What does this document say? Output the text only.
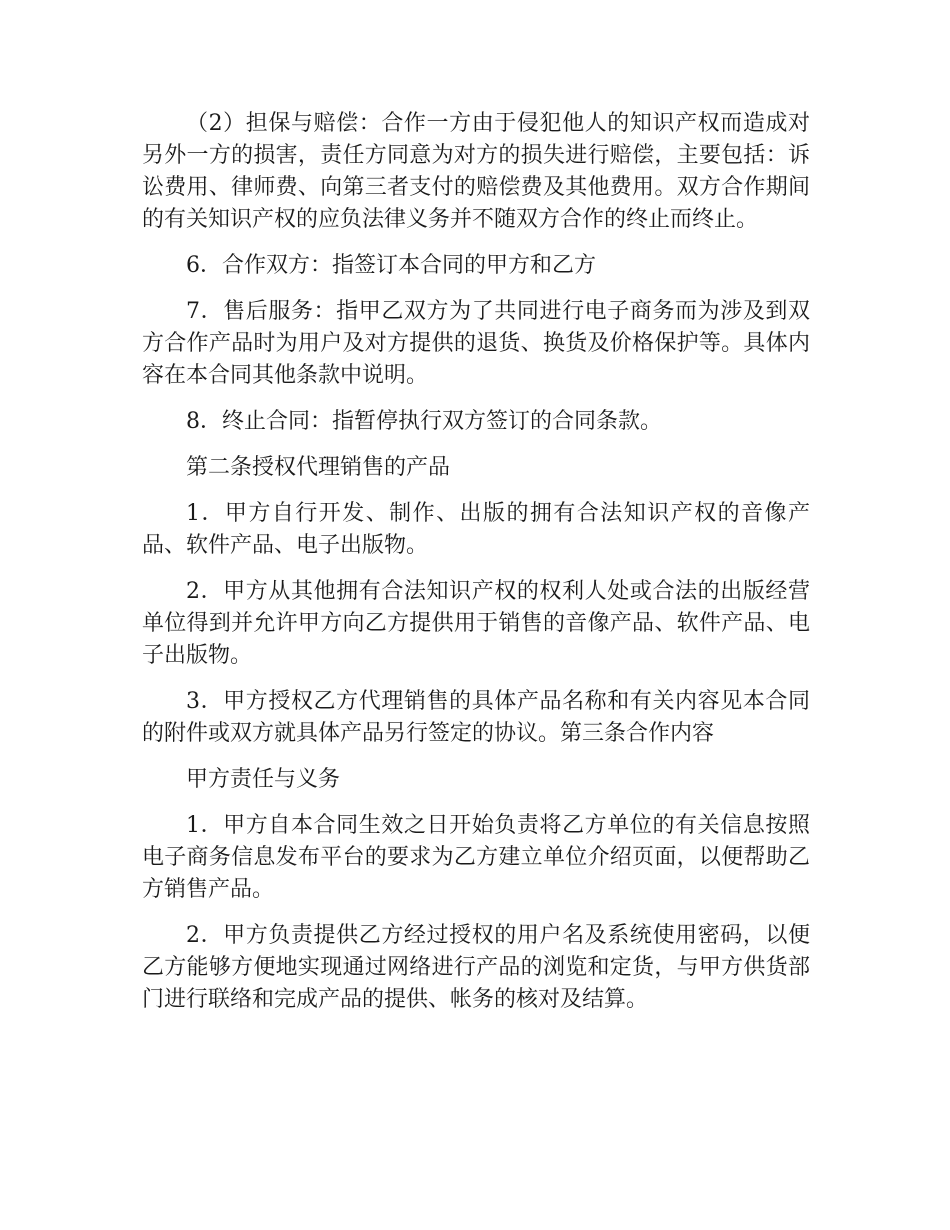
（2）担保与赔偿：合作一方由于侵犯他人的知识产权而造成对另外一方的损害，责任方同意为对方的损失进行赔偿，主要包括：诉讼费用、律师费、向第三者支付的赔偿费及其他费用。双方合作期间的有关知识产权的应负法律义务并不随双方合作的终止而终止。

6．合作双方：指签订本合同的甲方和乙方

7．售后服务：指甲乙双方为了共同进行电子商务而为涉及到双方合作产品时为用户及对方提供的退货、换货及价格保护等。具体内容在本合同其他条款中说明。

8．终止合同：指暂停执行双方签订的合同条款。

第二条授权代理销售的产品

1．甲方自行开发、制作、出版的拥有合法知识产权的音像产品、软件产品、电子出版物。

2．甲方从其他拥有合法知识产权的权利人处或合法的出版经营单位得到并允许甲方向乙方提供用于销售的音像产品、软件产品、电子出版物。

3．甲方授权乙方代理销售的具体产品名称和有关内容见本合同的附件或双方就具体产品另行签定的协议。第三条合作内容

甲方责任与义务

1．甲方自本合同生效之日开始负责将乙方单位的有关信息按照电子商务信息发布平台的要求为乙方建立单位介绍页面，以便帮助乙方销售产品。

2．甲方负责提供乙方经过授权的用户名及系统使用密码，以便乙方能够方便地实现通过网络进行产品的浏览和定货，与甲方供货部门进行联络和完成产品的提供、帐务的核对及结算。
